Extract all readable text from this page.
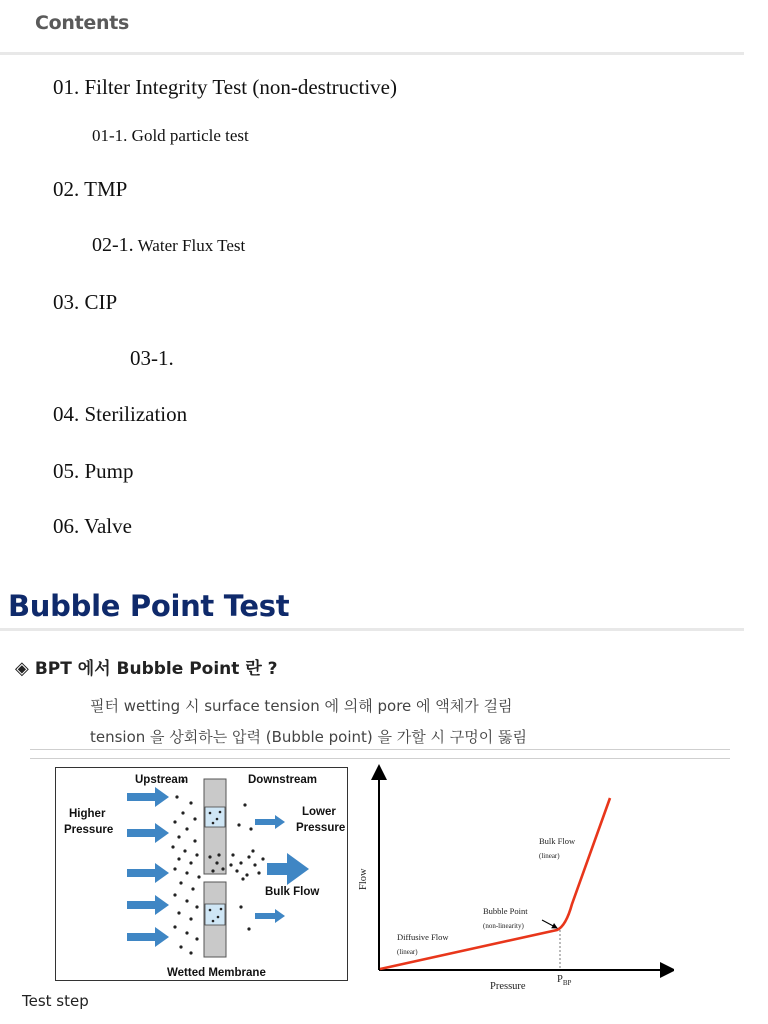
Contents
01. Filter Integrity Test (non-destructive)
01-1. Gold particle test
02. TMP
02-1. Water Flux Test
03. CIP
03-1.
04. Sterilization
05. Pump
06. Valve
Bubble Point Test
◈ BPT 에서 Bubble Point 란 ?
필터 wetting 시 surface tension 에 의해 pore 에 액체가 걸림
tension 을 상회하는 압력 (Bubble point) 을 가할 시 구멍이 뚫림
Upstream	Downstream
Higher
Pressure
Lower
Pressure
Bulk Flow
Wetted Membrane
Flow
Pressure
$P_{BP}$
Bulk Flow
(linear)
Bubble Point
(non-linearity)
Diffusive Flow
(linear)
Test step
